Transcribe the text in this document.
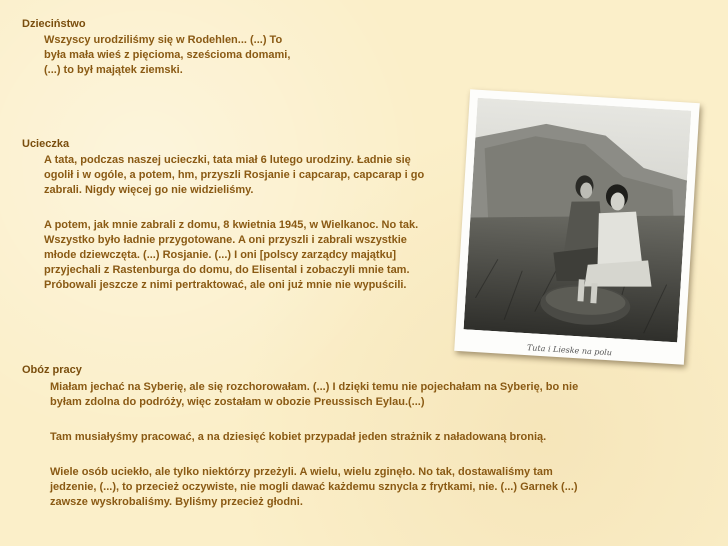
Dzieciństwo
Wszyscy urodziliśmy się w Rodehlen... (...) To
była mała wieś z pięcioma, sześcioma domami,
(...) to był majątek ziemski.
Ucieczka
A tata, podczas naszej ucieczki, tata miał 6 lutego urodziny. Ładnie się
ogolił i w ogóle, a potem, hm, przyszli Rosjanie i capcarap, capcarap i go
zabrali. Nigdy więcej go nie widzieliśmy.
A potem, jak mnie zabrali z domu, 8 kwietnia 1945, w Wielkanoc. No tak.
Wszystko było ładnie przygotowane. A oni przyszli i zabrali wszystkie
młode dziewczęta. (...) Rosjanie. (...) I oni [polscy zarządcy majątku]
przyjechali z Rastenburga do domu, do Elisental i zobaczyli mnie tam.
Próbowali jeszcze z nimi pertraktować, ale oni już mnie nie wypuścili.
Obóz pracy
Miałam jechać na Syberię, ale się rozchorowałam. (...) I dzięki temu nie pojechałam na Syberię, bo nie
byłam zdolna do podróży, więc zostałam w obozie Preussisch Eylau.(...)
Tam musiałyśmy pracować, a na dziesięć kobiet przypadał jeden strażnik z naładowaną bronią.
Wiele osób uciekło, ale tylko niektórzy przeżyli. A wielu, wielu zginęło. No tak, dostawaliśmy tam
jedzenie, (...), to przecież oczywiste, nie mogli dawać każdemu sznycla z frytkami, nie. (...) Garnek (...)
zawsze wyskrobaliśmy. Byliśmy przecież głodni.
Tuta i Lieske na polu
